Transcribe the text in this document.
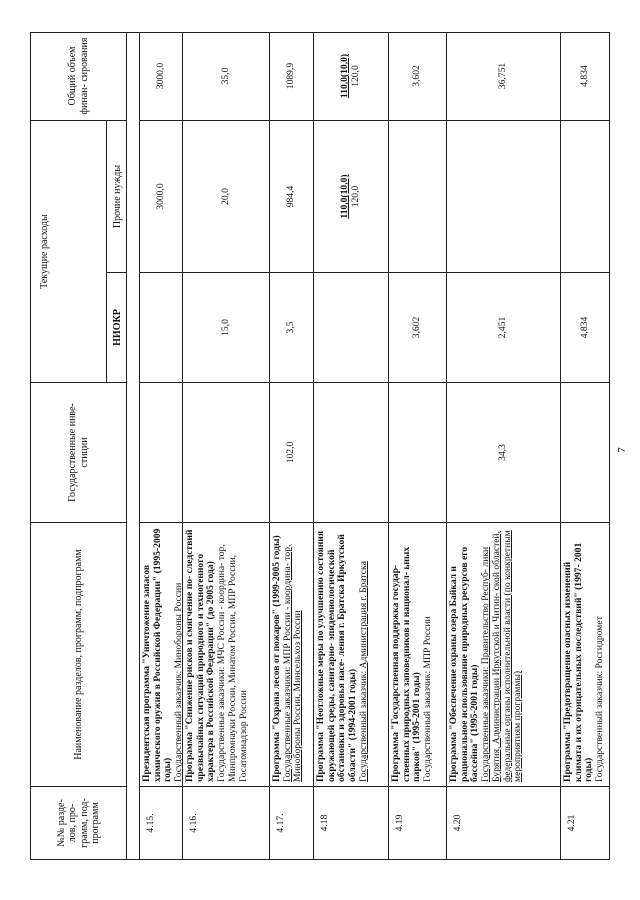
№№ разде- лов, про- грамм, под- программ
Наименование разделов, программ, подпрограмм
Государственные инве- стиции
Текущие расходы
НИОКР
Прочие нужды
Общий объем финан- сирования
4.15.
Президентская программа "Уничтожение запасов химического оружия в Российской Федерации" (1995-2009 годы)
Государственный заказчик: Минобороны России
3000,0
3000,0
4.16.
Программа "Снижение рисков и смягчение по- следствий чрезвычайных ситуаций природного и техногенного характера в Российской Федерации" (до 2005 года)
Государственные заказчики: МЧС России - координа- тор, Минпромнауки России, Минатом России, МПР России, Госатомнадзор России
15,0
20,0
35,0
4.17.
Программа "Охрана лесов от пожаров" (1999-2005 годы)
Государственные заказчики: МПР России - координа- тор, Минобороны России, Минсельхоз России
102,0
3,5
984,4
1089,9
4.18
Программа "Неотложные меры по улучшению состояния окружающей среды, санитарно- эпидемиологической обстановки и здоровья насе- ления г. Братска Иркутской области" (1994-2001 годы)
Государственный заказчик: Администрация г. Братска
110,0(10,0) 120,0
110,0(10,0) 120,0
4.19
Программа "Государственная поддержка государ- ственных природных заповедников и национал- ьных парков" (1995-2001 годы)
Государственный заказчик: МПР России
3,602
3,602
4.20
Программа "Обеспечение охраны озера Байкал и рациональное использование природных ресурсов его бассейна" (1995-2001 годы)
Государственные заказчики: Правительство Респуб- лики Бурятия, Администрации Иркутской и Читин- ской областей, федеральные органы исполнительной власти (по конкретным мероприятиям программы)
34,3
2,451
36,751
4.21
Программа "Предотвращение опасных изменений климата и их отрицательных последствий" (1997- 2001 годы)
Государственный заказчик: Росгидромет
4,834
4,834
7
